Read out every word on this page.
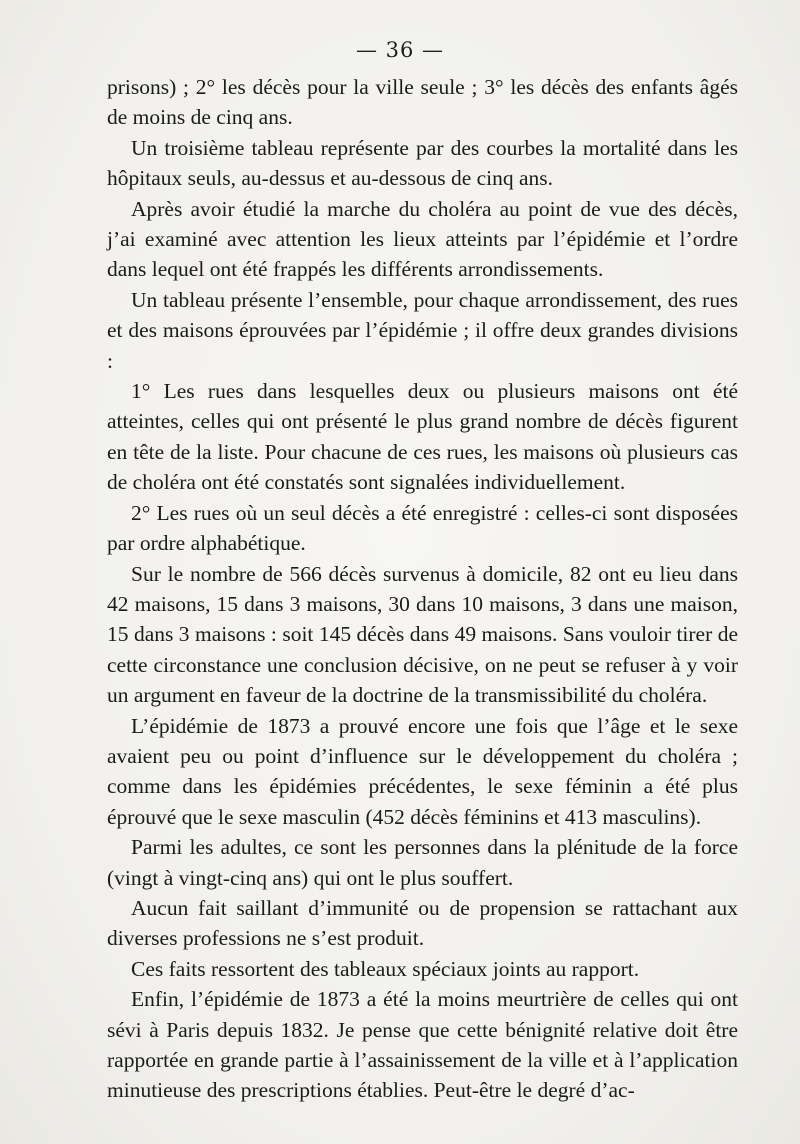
— 36 —

prisons) ; 2° les décès pour la ville seule ; 3° les décès des enfants âgés de moins de cinq ans.

Un troisième tableau représente par des courbes la mortalité dans les hôpitaux seuls, au-dessus et au-dessous de cinq ans.

Après avoir étudié la marche du choléra au point de vue des décès, j’ai examiné avec attention les lieux atteints par l’épidémie et l’ordre dans lequel ont été frappés les différents arrondissements.

Un tableau présente l’ensemble, pour chaque arrondissement, des rues et des maisons éprouvées par l’épidémie ; il offre deux grandes divisions :

1° Les rues dans lesquelles deux ou plusieurs maisons ont été atteintes, celles qui ont présenté le plus grand nombre de décès figurent en tête de la liste. Pour chacune de ces rues, les maisons où plusieurs cas de choléra ont été constatés sont signalées individuellement.

2° Les rues où un seul décès a été enregistré : celles-ci sont disposées par ordre alphabétique.

Sur le nombre de 566 décès survenus à domicile, 82 ont eu lieu dans 42 maisons, 15 dans 3 maisons, 30 dans 10 maisons, 3 dans une maison, 15 dans 3 maisons : soit 145 décès dans 49 maisons. Sans vouloir tirer de cette circonstance une conclusion décisive, on ne peut se refuser à y voir un argument en faveur de la doctrine de la transmissibilité du choléra.

L’épidémie de 1873 a prouvé encore une fois que l’âge et le sexe avaient peu ou point d’influence sur le développement du choléra ; comme dans les épidémies précédentes, le sexe féminin a été plus éprouvé que le sexe masculin (452 décès féminins et 413 masculins).

Parmi les adultes, ce sont les personnes dans la plénitude de la force (vingt à vingt-cinq ans) qui ont le plus souffert.

Aucun fait saillant d’immunité ou de propension se rattachant aux diverses professions ne s’est produit.

Ces faits ressortent des tableaux spéciaux joints au rapport.

Enfin, l’épidémie de 1873 a été la moins meurtrière de celles qui ont sévi à Paris depuis 1832. Je pense que cette bénignité relative doit être rapportée en grande partie à l’assainissement de la ville et à l’application minutieuse des prescriptions établies. Peut-être le degré d’ac-
